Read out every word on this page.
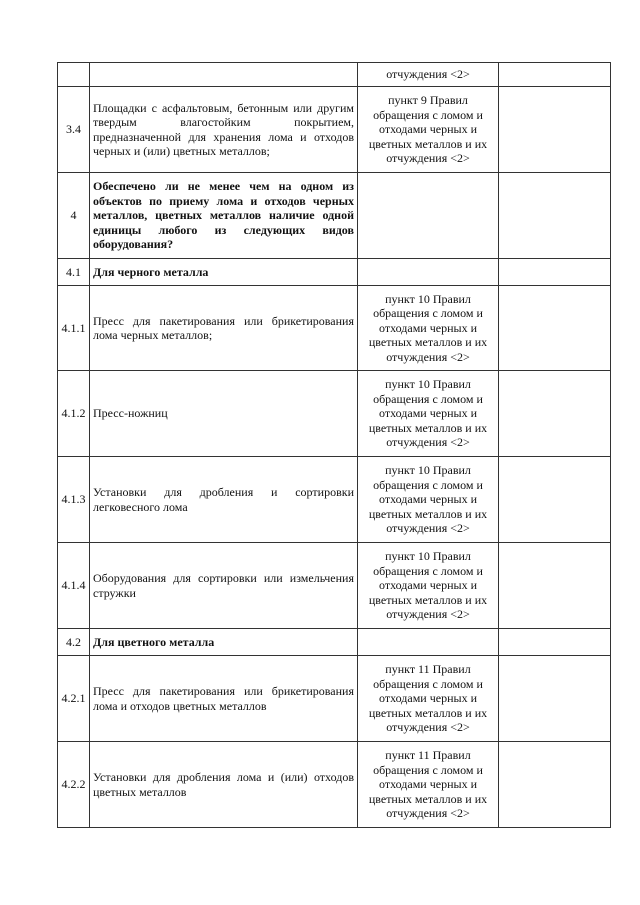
		отчуждения <2>	
3.4	Площадки с асфальтовым, бетонным или другим твердым влагостойким покрытием, предназначенной для хранения лома и отходов черных и (или) цветных металлов;	пункт 9 Правил обращения с ломом и отходами черных и цветных металлов и их отчуждения <2>	
4	Обеспечено ли не менее чем на одном из объектов по приему лома и отходов черных металлов, цветных металлов наличие одной единицы любого из следующих видов оборудования?		
4.1	Для черного металла		
4.1.1	Пресс для пакетирования или брикетирования лома черных металлов;	пункт 10 Правил обращения с ломом и отходами черных и цветных металлов и их отчуждения <2>	
4.1.2	Пресс-ножниц	пункт 10 Правил обращения с ломом и отходами черных и цветных металлов и их отчуждения <2>	
4.1.3	Установки для дробления и сортировки легковесного лома	пункт 10 Правил обращения с ломом и отходами черных и цветных металлов и их отчуждения <2>	
4.1.4	Оборудования для сортировки или измельчения стружки	пункт 10 Правил обращения с ломом и отходами черных и цветных металлов и их отчуждения <2>	
4.2	Для цветного металла		
4.2.1	Пресс для пакетирования или брикетирования лома и отходов цветных металлов	пункт 11 Правил обращения с ломом и отходами черных и цветных металлов и их отчуждения <2>	
4.2.2	Установки для дробления лома и (или) отходов цветных металлов	пункт 11 Правил обращения с ломом и отходами черных и цветных металлов и их отчуждения <2>	
